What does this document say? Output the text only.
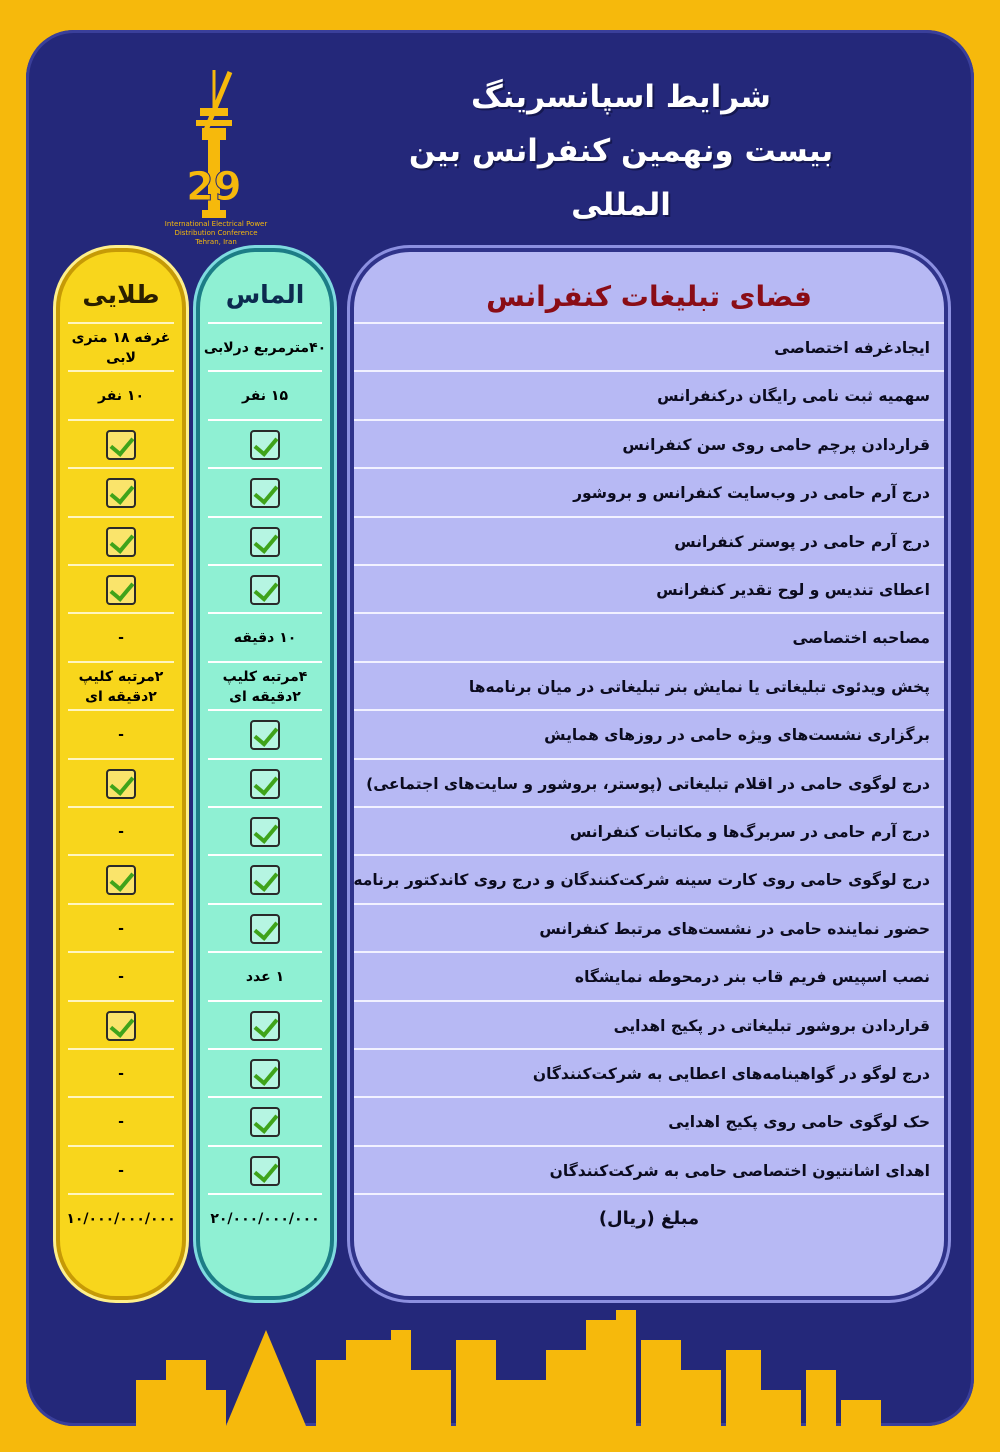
29
International Electrical Power
Distribution Conference
Tehran, Iran
شرایط اسپانسرینگ
بیست ونهمین کنفرانس بین المللی
فضای تبلیغات کنفرانس
ایجادغرفه اختصاصی
سهمیه ثبت نامی رایگان درکنفرانس
قراردادن پرچم حامی روی سن کنفرانس
درج آرم حامی در وب‌سایت کنفرانس و بروشور
درج آرم حامی در پوستر کنفرانس
اعطای تندیس و لوح تقدیر کنفرانس
مصاحبه اختصاصی
پخش ویدئوی تبلیغاتی یا نمایش بنر تبلیغاتی در میان برنامه‌ها
برگزاری نشست‌های ویژه حامی در روزهای همایش
درج لوگوی حامی در اقلام تبلیغاتی (پوستر، بروشور و سایت‌های اجتماعی)
درج آرم حامی در سربرگ‌ها و مکاتبات کنفرانس
درج لوگوی حامی روی کارت سینه شرکت‌کنندگان و درج روی کاندکتور برنامه
حضور نماینده حامی در نشست‌های مرتبط کنفرانس
نصب اسپیس فریم قاب بنر درمحوطه نمایشگاه
قراردادن بروشور تبلیغاتی در پکیج اهدایی
درج لوگو در گواهینامه‌های اعطایی به شرکت‌کنندگان
حک لوگوی حامی روی پکیج اهدایی
اهدای اشانتیون اختصاصی حامی به شرکت‌کنندگان
مبلغ (ریال)
الماس
۴۰مترمربع درلابی
۱۵ نفر
۱۰ دقیقه
۴مرتبه کلیپ ۲دقیقه ای
۱ عدد
۲۰/۰۰۰/۰۰۰/۰۰۰
طلایی
غرفه ۱۸ متری لابی
۱۰ نفر
-
۲مرتبه کلیپ ۲دقیقه ای
-
-
-
-
-
-
-
۱۰/۰۰۰/۰۰۰/۰۰۰
